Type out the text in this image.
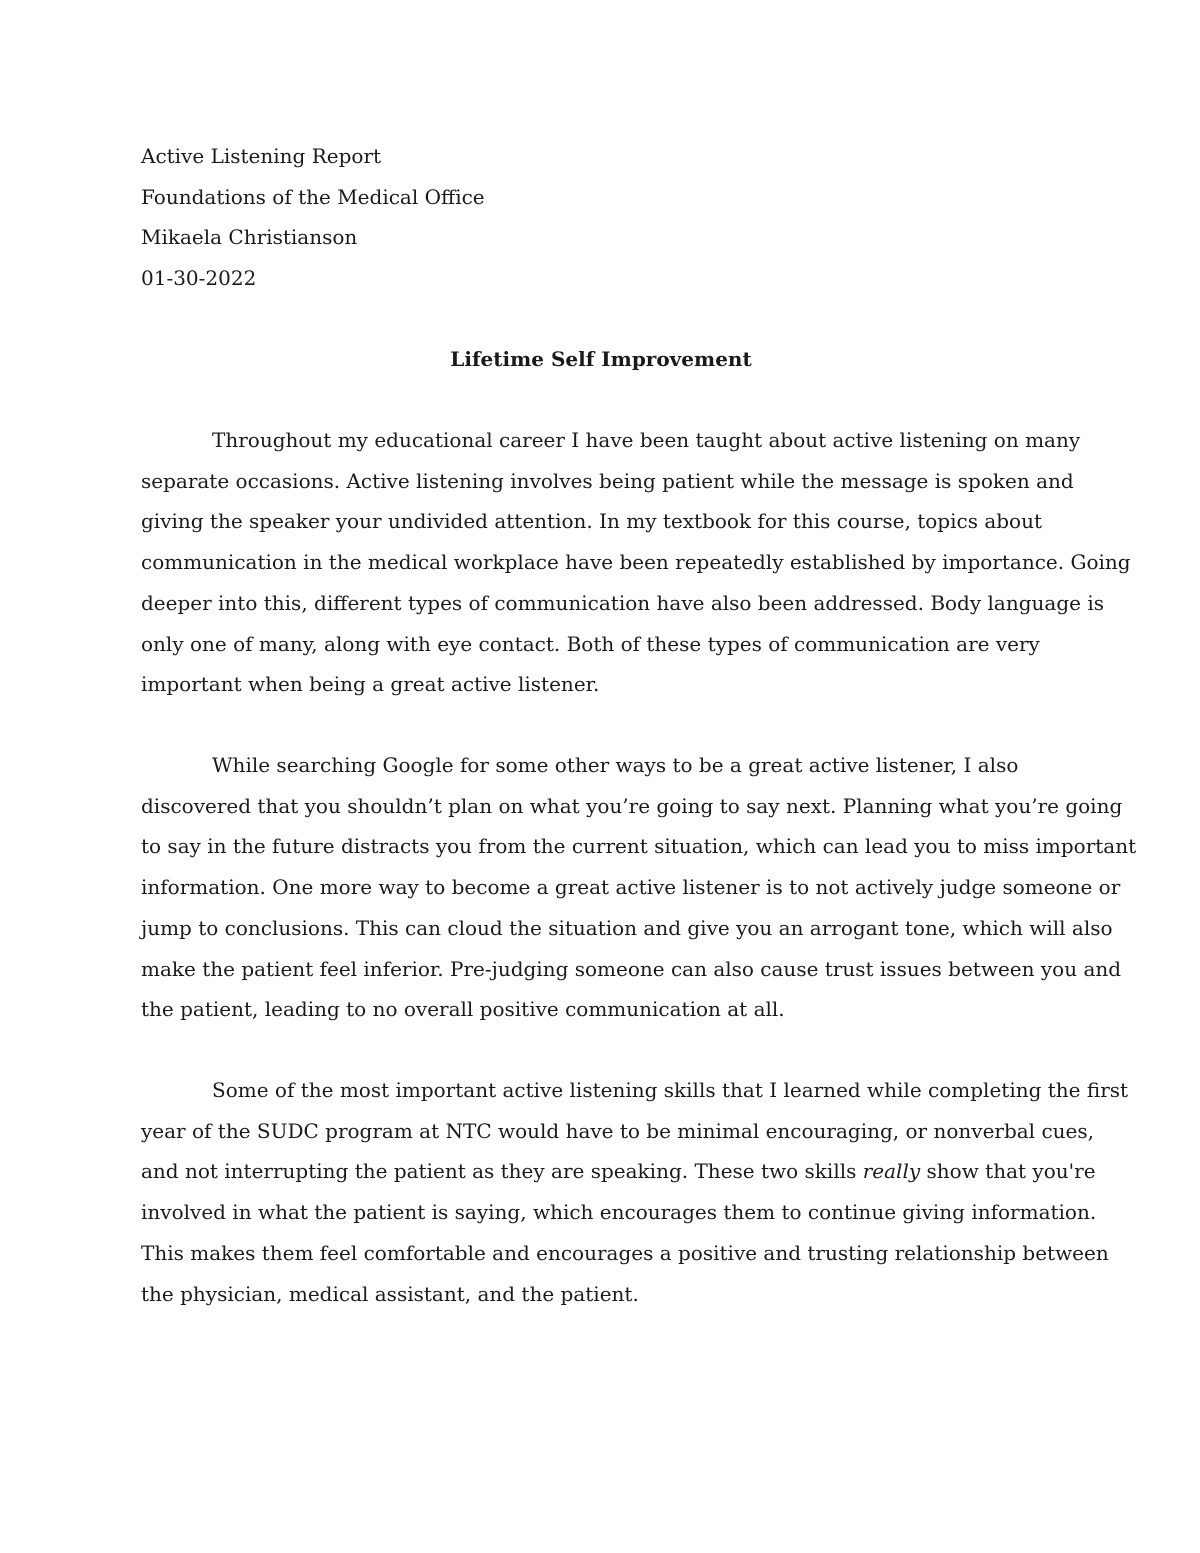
Active Listening Report
Foundations of the Medical Office
Mikaela Christianson
01-30-2022
Lifetime Self Improvement
Throughout my educational career I have been taught about active listening on many
separate occasions. Active listening involves being patient while the message is spoken and
giving the speaker your undivided attention. In my textbook for this course, topics about
communication in the medical workplace have been repeatedly established by importance. Going
deeper into this, different types of communication have also been addressed. Body language is
only one of many, along with eye contact. Both of these types of communication are very
important when being a great active listener.
While searching Google for some other ways to be a great active listener, I also
discovered that you shouldn’t plan on what you’re going to say next. Planning what you’re going
to say in the future distracts you from the current situation, which can lead you to miss important
information. One more way to become a great active listener is to not actively judge someone or
jump to conclusions. This can cloud the situation and give you an arrogant tone, which will also
make the patient feel inferior. Pre-judging someone can also cause trust issues between you and
the patient, leading to no overall positive communication at all.
Some of the most important active listening skills that I learned while completing the first
year of the SUDC program at NTC would have to be minimal encouraging, or nonverbal cues,
and not interrupting the patient as they are speaking. These two skills really show that you're
involved in what the patient is saying, which encourages them to continue giving information.
This makes them feel comfortable and encourages a positive and trusting relationship between
the physician, medical assistant, and the patient.
